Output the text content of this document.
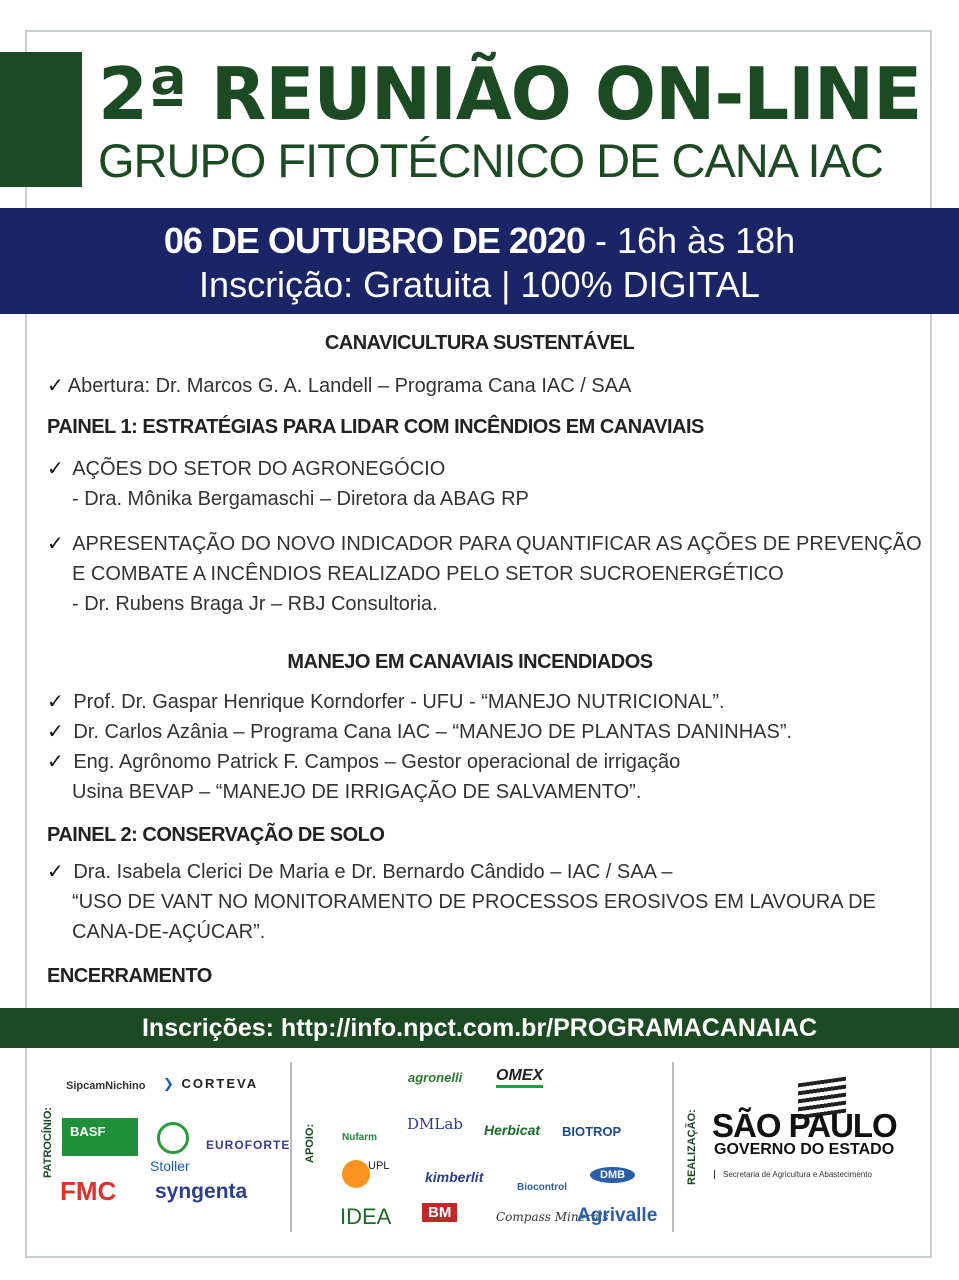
2ª REUNIÃO ON-LINE
GRUPO FITOTÉCNICO DE CANA IAC
06 DE OUTUBRO DE 2020 - 16h às 18h
Inscrição: Gratuita | 100% DIGITAL
CANAVICULTURA SUSTENTÁVEL
✓ Abertura: Dr. Marcos G. A. Landell – Programa Cana IAC / SAA
PAINEL 1: ESTRATÉGIAS PARA LIDAR COM INCÊNDIOS EM CANAVIAIS
✓ AÇÕES DO SETOR DO AGRONEGÓCIO
- Dra. Mônika Bergamaschi – Diretora da ABAG RP
✓ APRESENTAÇÃO DO NOVO INDICADOR PARA QUANTIFICAR AS AÇÕES DE PREVENÇÃO
E COMBATE A INCÊNDIOS REALIZADO PELO SETOR SUCROENERGÉTICO
- Dr. Rubens Braga Jr – RBJ Consultoria.
MANEJO EM CANAVIAIS INCENDIADOS
✓ Prof. Dr. Gaspar Henrique Korndorfer - UFU - “MANEJO NUTRICIONAL”.
✓ Dr. Carlos Azânia – Programa Cana IAC – “MANEJO DE PLANTAS DANINHAS”.
✓ Eng. Agrônomo Patrick F. Campos – Gestor operacional de irrigação
Usina BEVAP – “MANEJO DE IRRIGAÇÃO DE SALVAMENTO”.
PAINEL 2: CONSERVAÇÃO DE SOLO
✓ Dra. Isabela Clerici De Maria e Dr. Bernardo Cândido – IAC / SAA –
“USO DE VANT NO MONITORAMENTO DE PROCESSOS EROSIVOS EM LAVOURA DE
CANA-DE-AÇÚCAR”.
ENCERRAMENTO
Inscrições: http://info.npct.com.br/PROGRAMACANAIAC
PATROCÍNIO:
SipcamNichino ❯ CORTEVA
BASF
Stoller
EUROFORTE
FMC syngenta
APOIO:
agronelli OMEX
Nufarm
DMLab Herbicat BIOTROP
UPL
kimberlit
Biocontrol
DMB
IDEA	BM	Compass Minerals
Agrivalle
REALIZAÇÃO: SÃO PAULO
GOVERNO DO ESTADO
Secretaria de Agricultura e Abastecimento
